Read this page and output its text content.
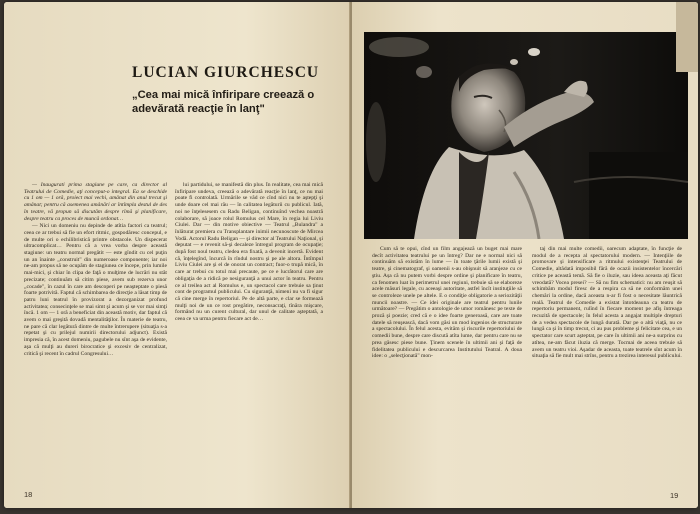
LUCIAN GIURCHESCU
„Cea mai mică înfiripare creează o adevărată reacţie în lanţ"

— Inaugurati prima stagiune pe care, ca director al Teatrului de Comedie, aţi conceput-o integral. Ea se deschide cu 1 om — 1 oră, proiect mai vechi, amânat din anul trecut şi amânat; pentru că asemenea amânări ar întîmpla destul de des în teatre, vă propun să discutăm despre rîmă şi planificare, despre teatru ca proces de muncă ordonat…

— Nici un domeniu nu depinde de atîtia factori ca teatrul; ceea ce ar trebui să fie un efort ritmic, gospodăresc concepul, e de multe ori o echilibristică printre obstacole. Un dispecerat ultracomplicat… Pentru că a vrea vorba despre această stagiune: un teatru normal pregătit — este gîndit cu cel puţin un an înainte „construit" din numeroase componente; iar noi ne-am propus să ne ocupăm de stagiunea ce începe, prin lumile mai-mici, şi chiar în clipa de faţă o mulţime de lucrări nu stăt precizate; continuăm să citim piese, avem sub rezerva unor „cocade", în cazul în care am descoperi pe neaşteptate o piesă foarte potrivită. Faptul că schimbarea de direcţie a lăsat timp de patru luni teatrul în provizorat a dezorganizat profund activitatea; consecinţele se mai simt şi acum şi se vor mai simţi încă. 1 om — 1 oră a beneficiat din această motiv, dar faptul că avem o mai greşită dovadă mentalităţilor. În materie de teatru, ne pare că clar legătură dintre de multe întrerupere (situaţia s-a repetat şi cu prilejul numirii directorului adjunct). Există impresia că, în acest domeniu, pagubele nu sînt aşa de evidente, aşa că mulţi au dureri birocratice şi excesiv de centralizat, critică şi recent în cadrul Congresului…

lui partidului, se manifestă din plus. În realitate, cea mai mică înfiripare undeva, creează o adevărată reacţie în lanţ, ce nu mai poate fi controlată. Urmările se văd ce cînd nici nu te aştepţi şi unde doare cel mai rău — în calitatea legăturii cu publicul. Iată, noi ne înţelesesem cu Radu Beligan, continuînd vechea noastră colaborare, să joace rolul Romulus cel Mare, în regia lui Liviu Ciulei. Dar — din motive obiective — Teatrul „Bulandra" a înlăturat premiera cu Transplantare inimii necunoscute de Mircea Vodă. Actorul Radu Beligan — şi director al Teatrului Naţional, şi deputat — e revenit să-şi decaleze întregul program de ocupaţie; după fost noul teatru, cledea era fixată, a devenit incertă. Evident că, înţelegînd, încurcă în rîndul nostru şi pe ale altora. Întîmpul Liviu Ciulei are şi el de onorat un contract; fuor-o trupă mică, în care ar trebui cu totul mai precaute, pe ce e lucrătorul care are obligaţia de a ridică pe nesiguranţă a unui actor în teatru. Pentru ce al treilea act al Romulus e, un spectacol care trebuie sa ţinut cont de programul publicului. Cu siguranţă, nimeni nu va fi sigur că cine merge în repertoriul. Pe de altă parte, e clar se formează mulţi noi de un ce rost pregătire, neconsacraţi, tînăra mişcare, formând nu un curent cultural, dar unul de calitate aşteptată, a ceea ce va urma pentru fiecare act de…

18

Cum să te opui, cînd un film angajează un buget mai mare decît activitatea teatrului pe un întreg? Dar ne e normal nici să continuăm să existăm în lume — în toate ţările lumii există şi teatre, şi cinematograf, şi oamenii s-au obişnuit să aranjeze cu ce ştiu. Așa că nu putem vorbi despre ordine şi planificare în teatru, ca fenomen luat în perimetrul unei regiuni, trebuie să se elaboreze acele măsuri legale, cu aceeaşi autoritate, astfel încît instituţiile să se controleze unele pe altele. E o condiţie obligatorie a seriozităţii muncii noastre. — Ce idei originale are teatrul pentru lunile următoare? — Pregătim o antologie de umor românesc pe texte de proză şi poezie; cred că e o idee foarte generoasă, care are toate datele să reuşească, dacă vom găsi un mod ingenios de structurare a spectacolului. În felul acesta, evităm şi riscurile repertoriului de comedii bune, despre care discută atîta lume, dar pentru care nu se prea găsesc piese bune. Ţinem scenele în ultimii ani şi faţă de fidelitatea publicului e descurcarea Institutului Teatral. A doua idee: o „selecţionată" mon-

taj din mai multe comedii, oarecum adaptate, în funcţie de modul de a recepta al spectatorului modern. — Intenţiile de promovare şi intensificare a ritmului existenţei Teatrului de Comedie, altădată imposibil fără de ocazii insistentelor încercări critice pe această temă. Să fie o iluzie, sau ideea aceasta aţi făcut vreodată? Vocea presei? — Să nu fim schematici: nu am reuşit să schimbăm modul firesc de a respira ca să ne conformăm unei chemări la ordine, dacă aceasta n-ar fi fost o necesitate lăuntrică reală. Teatrul de Comedie a existat întotdeauna ca teatru de repertoriu permanent, rulînd în fiecare moment pe afiş întreaga recuzită de spectacole; în felul acesta a angajat multiple drepturi de a vedea spectacole de lungă durată. Dar pe o altă viaţă, nu ce lungă ca şi în timp trecut, ci au pus probleme şi felicitate cea, e un spectator care scurt aşteptat, pe care în ultimii ani ne-a surprins cu atîtea, ne-am făcut iluzia că merge. Tocmai de aceea trebuie să avem un teatru vioi. Aşadar de aceasta, toate teatrele sînt acum în situaţia să fie mult mai strîns, pentru a trezirea interesul publicului.

19
